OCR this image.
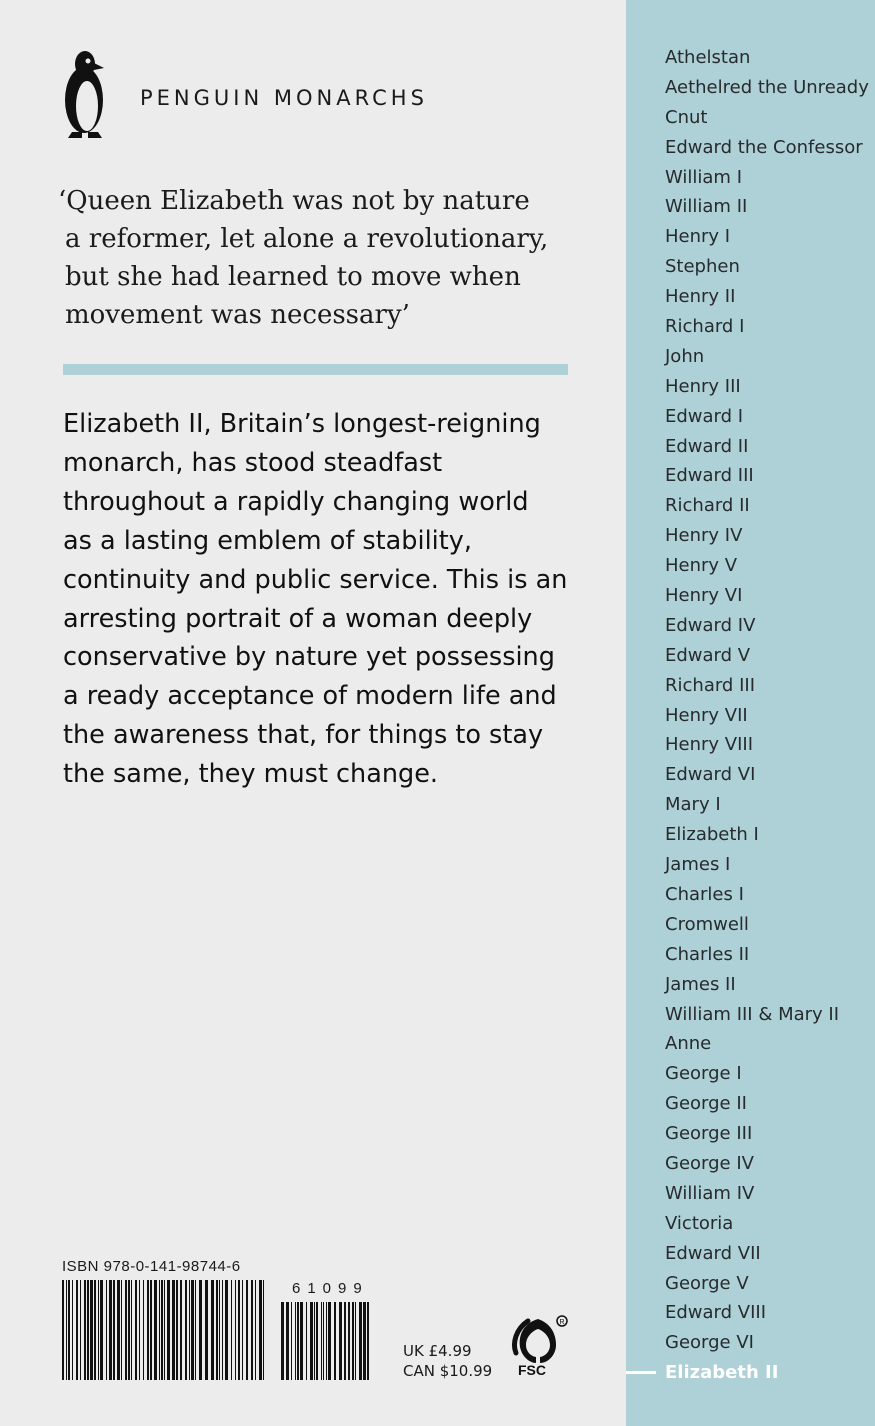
PENGUIN MONARCHS
‘Queen Elizabeth was not by nature
a reformer, let alone a revolutionary,
but she had learned to move when
movement was necessary’
Elizabeth II, Britain’s longest-reigning
monarch, has stood steadfast
throughout a rapidly changing world
as a lasting emblem of stability,
continuity and public service. This is an
arresting portrait of a woman deeply
conservative by nature yet possessing
a ready acceptance of modern life and
the awareness that, for things to stay
the same, they must change.
ISBN 978-0-141-98744-6
61099
UK £4.99
CAN $10.99
R
FSC
Athelstan
Aethelred the Unready
Cnut
Edward the Confessor
William I
William II
Henry I
Stephen
Henry II
Richard I
John
Henry III
Edward I
Edward II
Edward III
Richard II
Henry IV
Henry V
Henry VI
Edward IV
Edward V
Richard III
Henry VII
Henry VIII
Edward VI
Mary I
Elizabeth I
James I
Charles I
Cromwell
Charles II
James II
William III & Mary II
Anne
George I
George II
George III
George IV
William IV
Victoria
Edward VII
George V
Edward VIII
George VI
Elizabeth II
